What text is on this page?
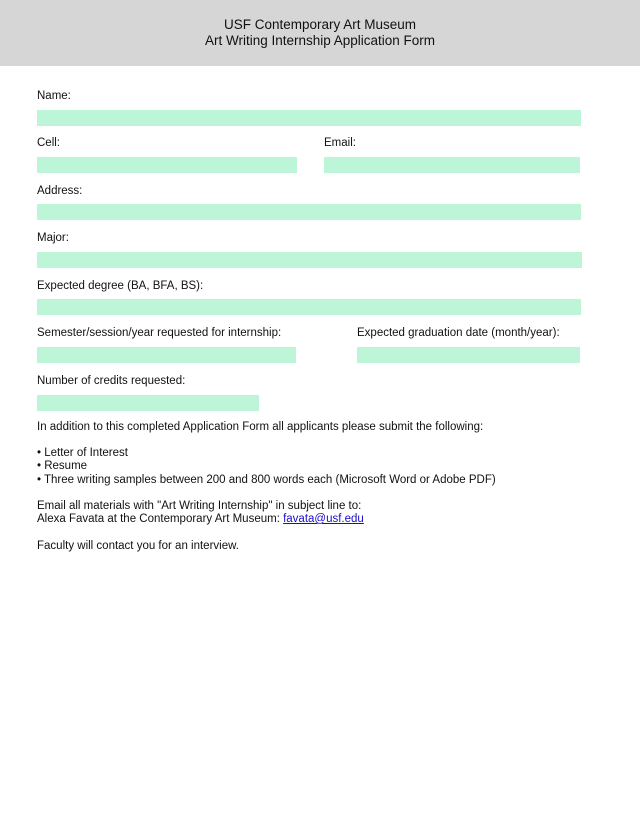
USF Contemporary Art Museum
Art Writing Internship Application Form
Name:
Cell:	Email:
Address:
Major:
Expected degree (BA, BFA, BS):
Semester/session/year requested for internship:	Expected graduation date (month/year):
Number of credits requested:
In addition to this completed Application Form all applicants please submit the following:
• Letter of Interest
• Resume
• Three writing samples between 200 and 800 words each (Microsoft Word or Adobe PDF)
Email all materials with "Art Writing Internship" in subject line to:
Alexa Favata at the Contemporary Art Museum: favata@usf.edu
Faculty will contact you for an interview.
